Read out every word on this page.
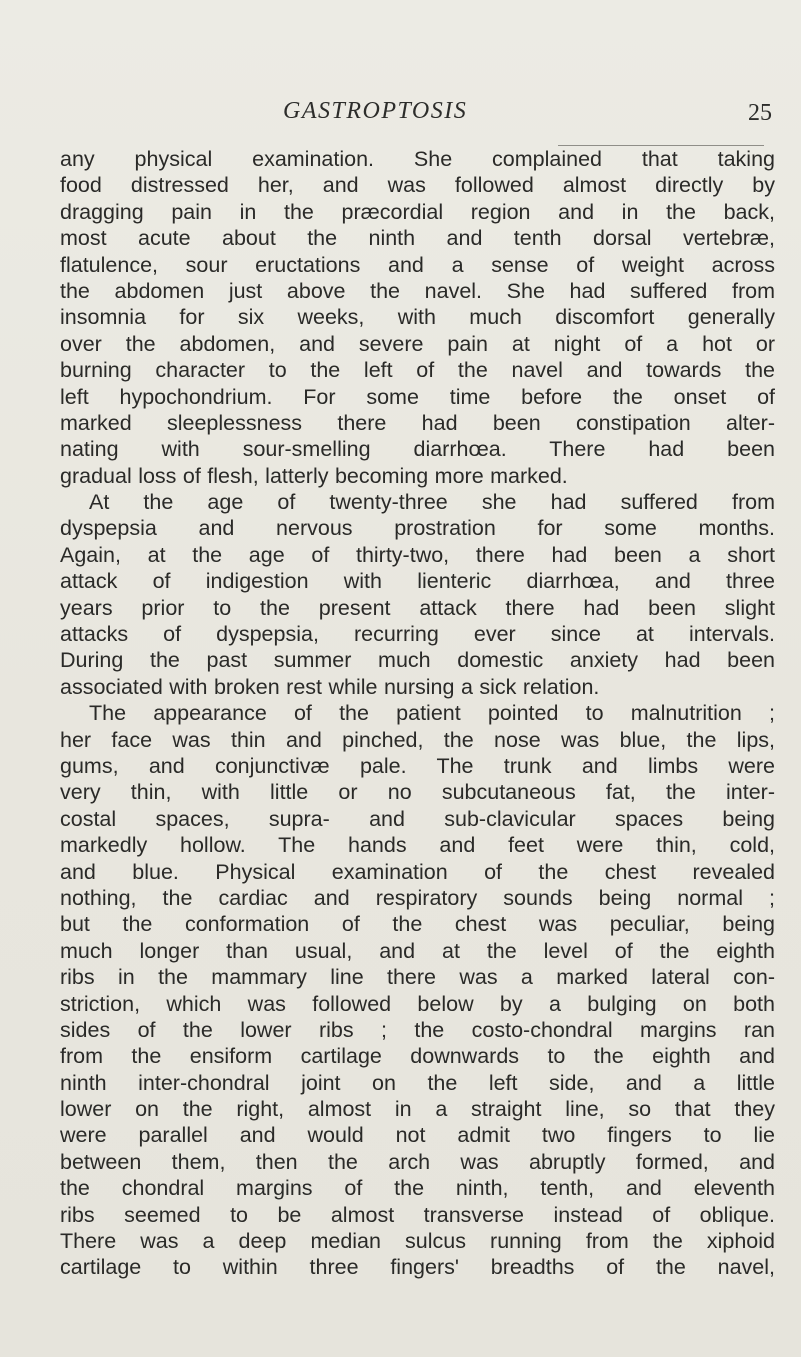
GASTROPTOSIS	25
any physical examination. She complained that taking
food distressed her, and was followed almost directly by
dragging pain in the præcordial region and in the back,
most acute about the ninth and tenth dorsal vertebræ,
flatulence, sour eructations and a sense of weight across
the abdomen just above the navel. She had suffered from
insomnia for six weeks, with much discomfort generally
over the abdomen, and severe pain at night of a hot or
burning character to the left of the navel and towards the
left hypochondrium. For some time before the onset of
marked sleeplessness there had been constipation alter-
nating with sour-smelling diarrhœa. There had been
gradual loss of flesh, latterly becoming more marked.
At the age of twenty-three she had suffered from
dyspepsia and nervous prostration for some months.
Again, at the age of thirty-two, there had been a short
attack of indigestion with lienteric diarrhœa, and three
years prior to the present attack there had been slight
attacks of dyspepsia, recurring ever since at intervals.
During the past summer much domestic anxiety had been
associated with broken rest while nursing a sick relation.
The appearance of the patient pointed to malnutrition ;
her face was thin and pinched, the nose was blue, the lips,
gums, and conjunctivæ pale. The trunk and limbs were
very thin, with little or no subcutaneous fat, the inter-
costal spaces, supra- and sub-clavicular spaces being
markedly hollow. The hands and feet were thin, cold,
and blue. Physical examination of the chest revealed
nothing, the cardiac and respiratory sounds being normal ;
but the conformation of the chest was peculiar, being
much longer than usual, and at the level of the eighth
ribs in the mammary line there was a marked lateral con-
striction, which was followed below by a bulging on both
sides of the lower ribs ; the costo-chondral margins ran
from the ensiform cartilage downwards to the eighth and
ninth inter-chondral joint on the left side, and a little
lower on the right, almost in a straight line, so that they
were parallel and would not admit two fingers to lie
between them, then the arch was abruptly formed, and
the chondral margins of the ninth, tenth, and eleventh
ribs seemed to be almost transverse instead of oblique.
There was a deep median sulcus running from the xiphoid
cartilage to within three fingers' breadths of the navel,
